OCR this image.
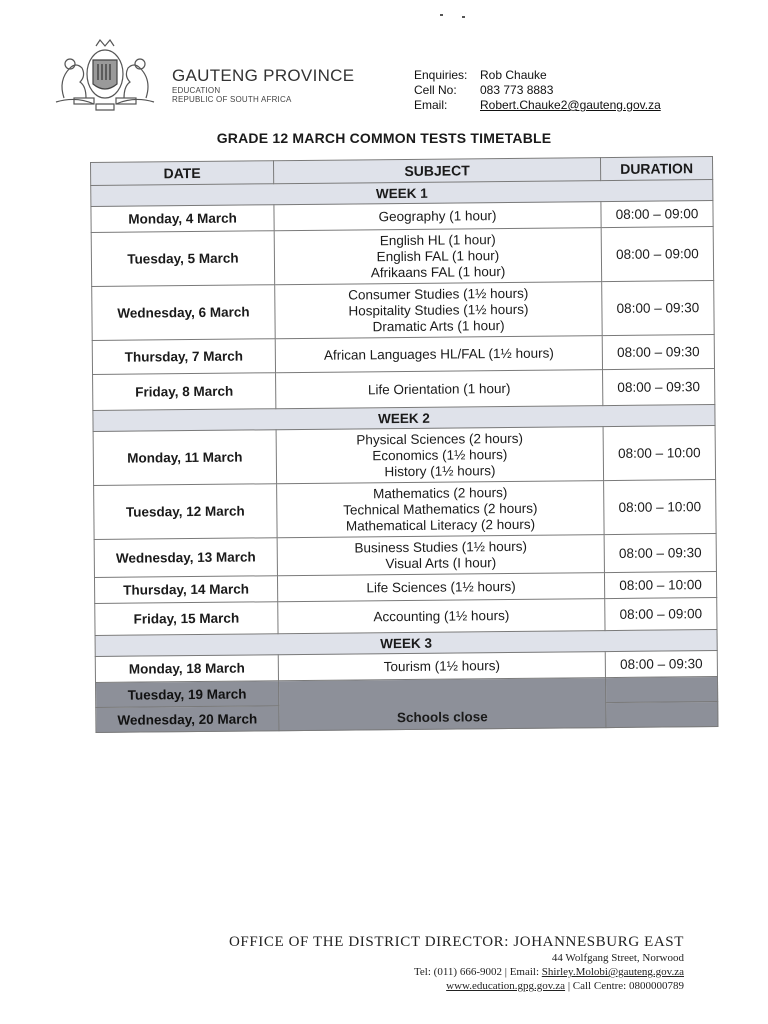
GAUTENG PROVINCE
EDUCATION
REPUBLIC OF SOUTH AFRICA
Enquiries:	Rob Chauke
Cell No:	083 773 8883
Email:	Robert.Chauke2@gauteng.gov.za
GRADE 12 MARCH COMMON TESTS TIMETABLE
DATE	SUBJECT	DURATION
WEEK 1		
Monday, 4 March	Geography (1 hour)	08:00 – 09:00
Tuesday, 5 March	English HL (1 hour)
English FAL (1 hour)
Afrikaans FAL (1 hour)	08:00 – 09:00
Wednesday, 6 March	Consumer Studies (1½ hours)
Hospitality Studies (1½ hours)
Dramatic Arts (1 hour)	08:00 – 09:30
Thursday, 7 March	African Languages HL/FAL (1½ hours)	08:00 – 09:30
Friday, 8 March	Life Orientation (1 hour)	08:00 – 09:30
WEEK 2		
Monday, 11 March	Physical Sciences (2 hours)
Economics (1½ hours)
History (1½ hours)	08:00 – 10:00
Tuesday, 12 March	Mathematics (2 hours)
Technical Mathematics (2 hours)
Mathematical Literacy (2 hours)	08:00 – 10:00
Wednesday, 13 March	Business Studies (1½ hours)
Visual Arts (I hour)	08:00 – 09:30
Thursday, 14 March	Life Sciences (1½ hours)	08:00 – 10:00
Friday, 15 March	Accounting (1½ hours)	08:00 – 09:00
WEEK 3		
Monday, 18 March	Tourism (1½ hours)	08:00 – 09:30
Tuesday, 19 March	Schools close	
Wednesday, 20 March		
OFFICE OF THE DISTRICT DIRECTOR: JOHANNESBURG EAST
44 Wolfgang Street, Norwood
Tel: (011) 666-9002 | Email: Shirley.Molobi@gauteng.gov.za
www.education.gpg.gov.za | Call Centre: 0800000789
